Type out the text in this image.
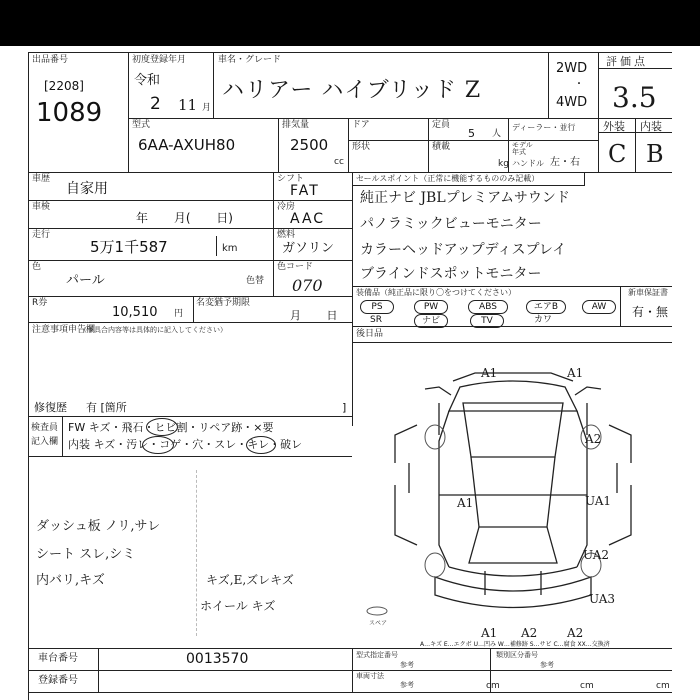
出品番号
[2208]
1089
初度登録年月
令和
2 11 月
車名・グレード
ハリアー ハイブリッド Z
2WD
・
4WD
評価点
3.5
外装 内装
C B
型式
6AA-AXUH80
排気量
2500
cc
ドア
形状
定員
5 人
積載
kg
ディーラー・並行
モデル
年式
ハンドル 左・右
車歴
自家用
車検
年 月( 日)
走行
5万1千587	km
色
パール	色替
シフト
FAT
冷房
AAC
燃料
ガソリン
色コード
070
R券
10,510 円
名変猶予期限
月 日
注意事項申告欄
（不具合内容等は具体的に記入してください）
修復歴 有 [箇所	]
セールスポイント（正常に機能するもののみ記載）
純正ナビ JBLプレミアムサウンド
パノラミックビューモニター
カラーヘッドアップディスプレイ
ブラインドスポットモニター
装備品（純正品に限り〇をつけてください）
PS	PW	ABS	エアB	AW
SR	ナビ	TV	カワ
新車保証書
有・無
後日品
検査員
記入欄
FW キズ・飛石・ヒビ割・リペア跡・×要
内装 キズ・汚レ・コゲ・穴・スレ・キレ・破レ
ダッシュ板 ノリ,サレ
シート スレ,シミ
内バリ,キズ	キズ,E,ズレキズ
ホイール キズ
A1	A1
A2
A1	UA1
UA2
UA3
A1 A2 A2
スペア
A…キズ E…エクボ U…凹み W…補修跡 S…サビ C…腐食 XX…交換済
車台番号	0013570
登録番号
型式指定番号
参考
類別区分番号
参考
車両寸法
参考	cm	cm	cm
